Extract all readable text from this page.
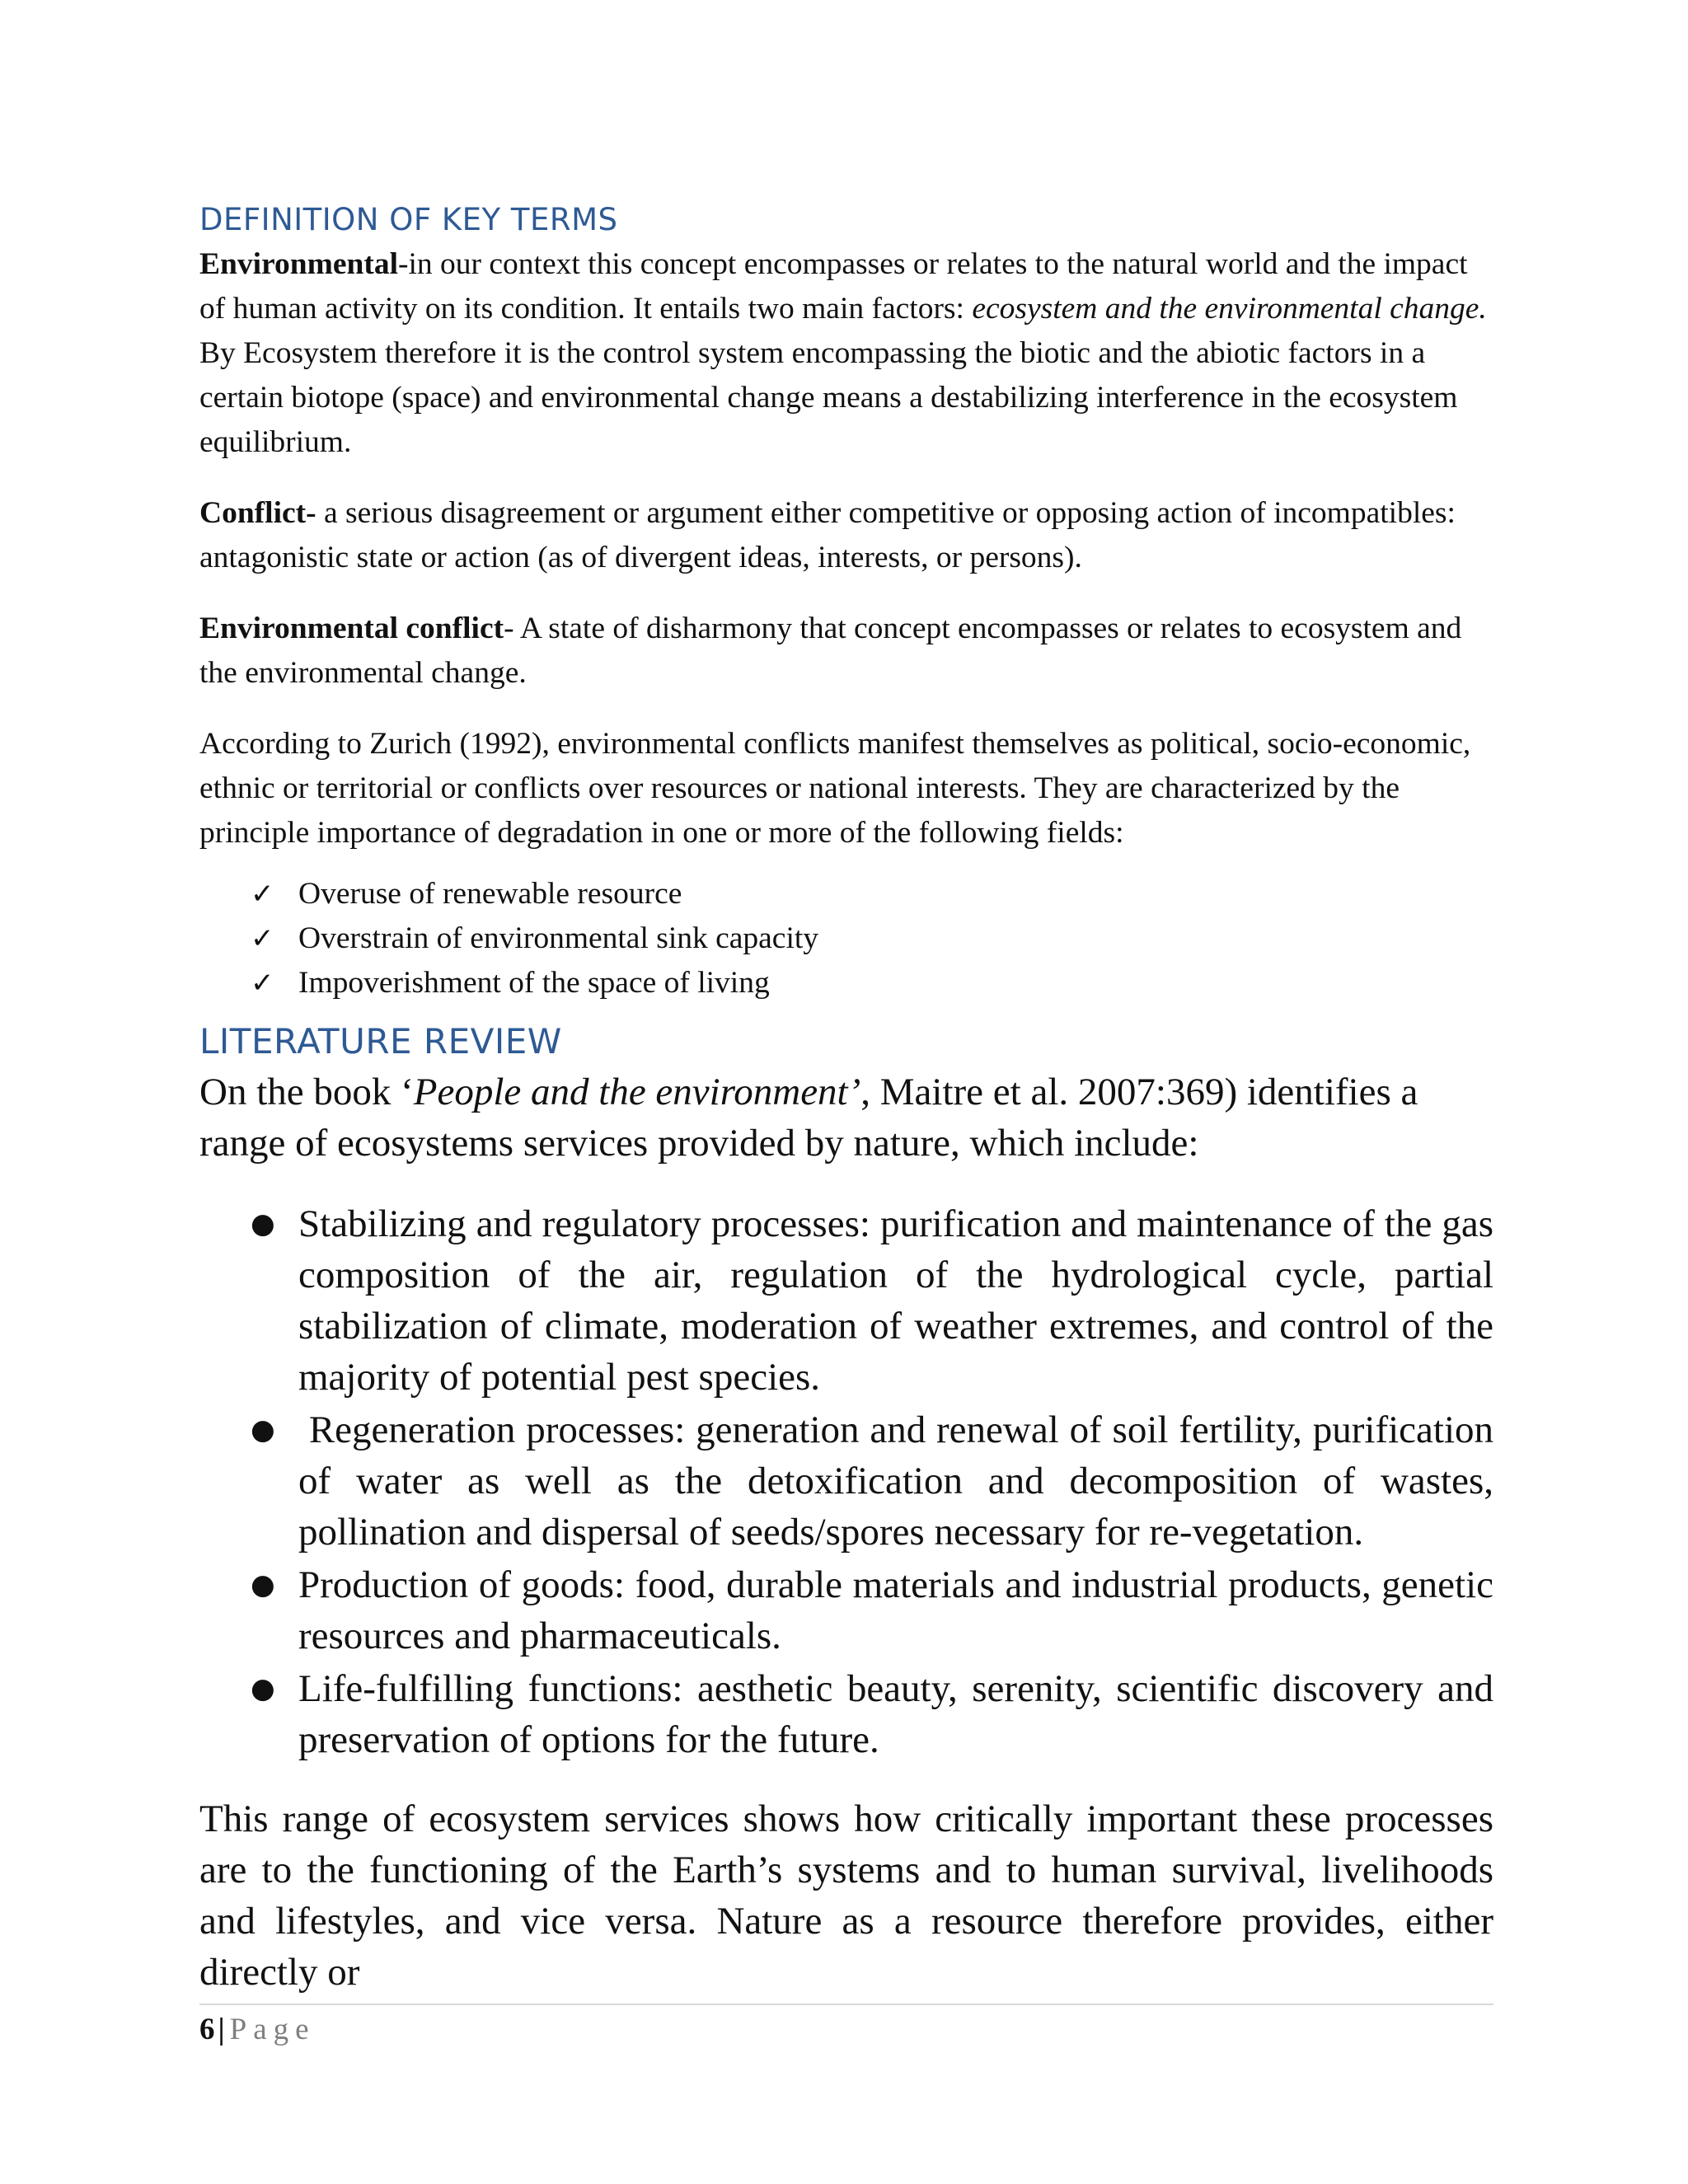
DEFINITION OF KEY TERMS

Environmental-in our context this concept encompasses or relates to the natural world and the impact of human activity on its condition. It entails two main factors: ecosystem and the environmental change. By Ecosystem therefore it is the control system encompassing the biotic and the abiotic factors in a certain biotope (space) and environmental change means a destabilizing interference in the ecosystem equilibrium.

Conflict- a serious disagreement or argument either competitive or opposing action of incompatibles: antagonistic state or action (as of divergent ideas, interests, or persons).

Environmental conflict- A state of disharmony that concept encompasses or relates to ecosystem and the environmental change.

According to Zurich (1992), environmental conflicts manifest themselves as political, socio-economic, ethnic or territorial or conflicts over resources or national interests. They are characterized by the principle importance of degradation in one or more of the following fields:

✓ Overuse of renewable resource
✓ Overstrain of environmental sink capacity
✓ Impoverishment of the space of living
LITERATURE REVIEW

On the book ‘People and the environment’, Maitre et al. 2007:369) identifies a range of ecosystems services provided by nature, which include:

● Stabilizing and regulatory processes: purification and maintenance of the gas composition of the air, regulation of the hydrological cycle, partial stabilization of climate, moderation of weather extremes, and control of the majority of potential pest species.
● Regeneration processes: generation and renewal of soil fertility, purification of water as well as the detoxification and decomposition of wastes, pollination and dispersal of seeds/spores necessary for re-vegetation.
● Production of goods: food, durable materials and industrial products, genetic resources and pharmaceuticals.
● Life-fulfilling functions: aesthetic beauty, serenity, scientific discovery and preservation of options for the future.

This range of ecosystem services shows how critically important these processes are to the functioning of the Earth’s systems and to human survival, livelihoods and lifestyles, and vice versa. Nature as a resource therefore provides, either directly or

6 | Page
